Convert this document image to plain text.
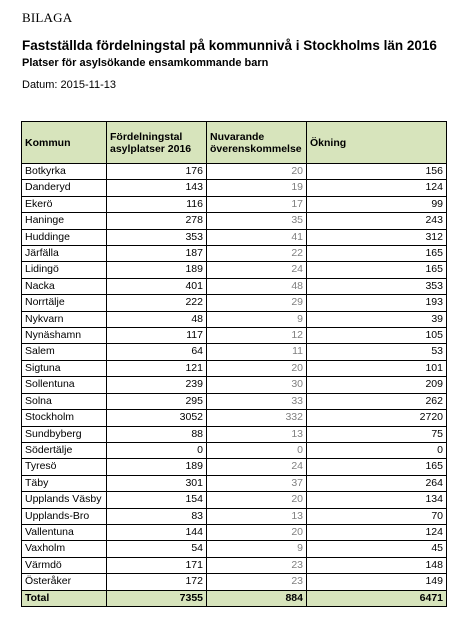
BILAGA
Fastställda fördelningstal på kommunnivå i Stockholms län 2016
Platser för asylsökande ensamkommande barn
Datum: 2015-11-13
Kommun	Fördelningstal asylplatser 2016	Nuvarande överenskommelse	Ökning
Botkyrka	176	20	156
Danderyd	143	19	124
Ekerö	116	17	99
Haninge	278	35	243
Huddinge	353	41	312
Järfälla	187	22	165
Lidingö	189	24	165
Nacka	401	48	353
Norrtälje	222	29	193
Nykvarn	48	9	39
Nynäshamn	117	12	105
Salem	64	11	53
Sigtuna	121	20	101
Sollentuna	239	30	209
Solna	295	33	262
Stockholm	3052	332	2720
Sundbyberg	88	13	75
Södertälje	0	0	0
Tyresö	189	24	165
Täby	301	37	264
Upplands Väsby	154	20	134
Upplands-Bro	83	13	70
Vallentuna	144	20	124
Vaxholm	54	9	45
Värmdö	171	23	148
Österåker	172	23	149
Total	7355	884	6471
